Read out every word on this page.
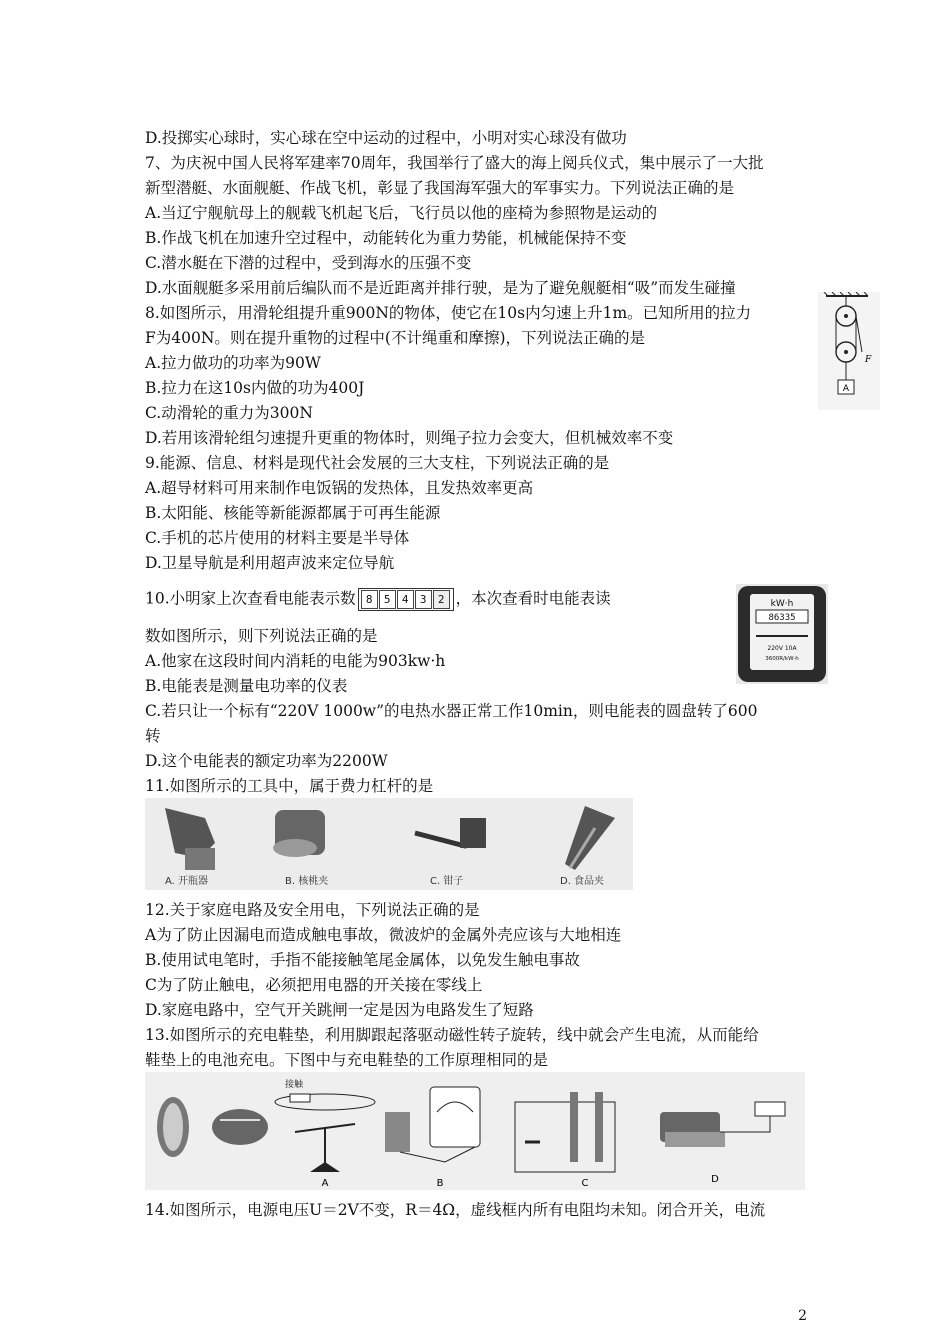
D.投掷实心球时，实心球在空中运动的过程中，小明对实心球没有做功
7、为庆祝中国人民将军建率70周年，我国举行了盛大的海上阅兵仪式，集中展示了一大批
新型潜艇、水面舰艇、作战飞机，彰显了我国海军强大的军事实力。下列说法正确的是
A.当辽宁舰航母上的舰载飞机起飞后，飞行员以他的座椅为参照物是运动的
B.作战飞机在加速升空过程中，动能转化为重力势能，机械能保持不变
C.潜水艇在下潜的过程中，受到海水的压强不变
D.水面舰艇多采用前后编队而不是近距离并排行驶，是为了避免舰艇相“吸”而发生碰撞
8.如图所示，用滑轮组提升重900N的物体，使它在10s内匀速上升1m。已知所用的拉力
F为400N。则在提升重物的过程中(不计绳重和摩擦)，下列说法正确的是
A.拉力做功的功率为90W
B.拉力在这10s内做的功为400J
C.动滑轮的重力为300N
D.若用该滑轮组匀速提升更重的物体时，则绳子拉力会变大，但机械效率不变
9.能源、信息、材料是现代社会发展的三大支柱，下列说法正确的是
A.超导材料可用来制作电饭锅的发热体，且发热效率更高
B.太阳能、核能等新能源都属于可再生能源
C.手机的芯片使用的材料主要是半导体
D.卫星导航是利用超声波来定位导航
10.小明家上次查看电能表示数 8	5	4	3	2 ，本次查看时电能表读
数如图所示，则下列说法正确的是
A.他家在这段时间内消耗的电能为903kw·h
B.电能表是测量电功率的仪表
C.若只让一个标有“220V 1000w”的电热水器正常工作10min，则电能表的圆盘转了600
转
D.这个电能表的额定功率为2200W
11.如图所示的工具中，属于费力杠杆的是
12.关于家庭电路及安全用电，下列说法正确的是
A为了防止因漏电而造成触电事故，微波炉的金属外壳应该与大地相连
B.使用试电笔时，手指不能接触笔尾金属体，以免发生触电事故
C为了防止触电，必须把用电器的开关接在零线上
D.家庭电路中，空气开关跳闸一定是因为电路发生了短路
13.如图所示的充电鞋垫，利用脚跟起落驱动磁性转子旋转，线中就会产生电流，从而能给
鞋垫上的电池充电。下图中与充电鞋垫的工作原理相同的是
14.如图所示，电源电压U＝2V不变，R＝4Ω，虚线框内所有电阻均未知。闭合开关，电流
A
F
kW·h
86335
220V 10A
3600R/kW·h
A. 开瓶器	B. 核桃夹	C. 钳子	D. 食品夹
接触
A	B	C	D
2
